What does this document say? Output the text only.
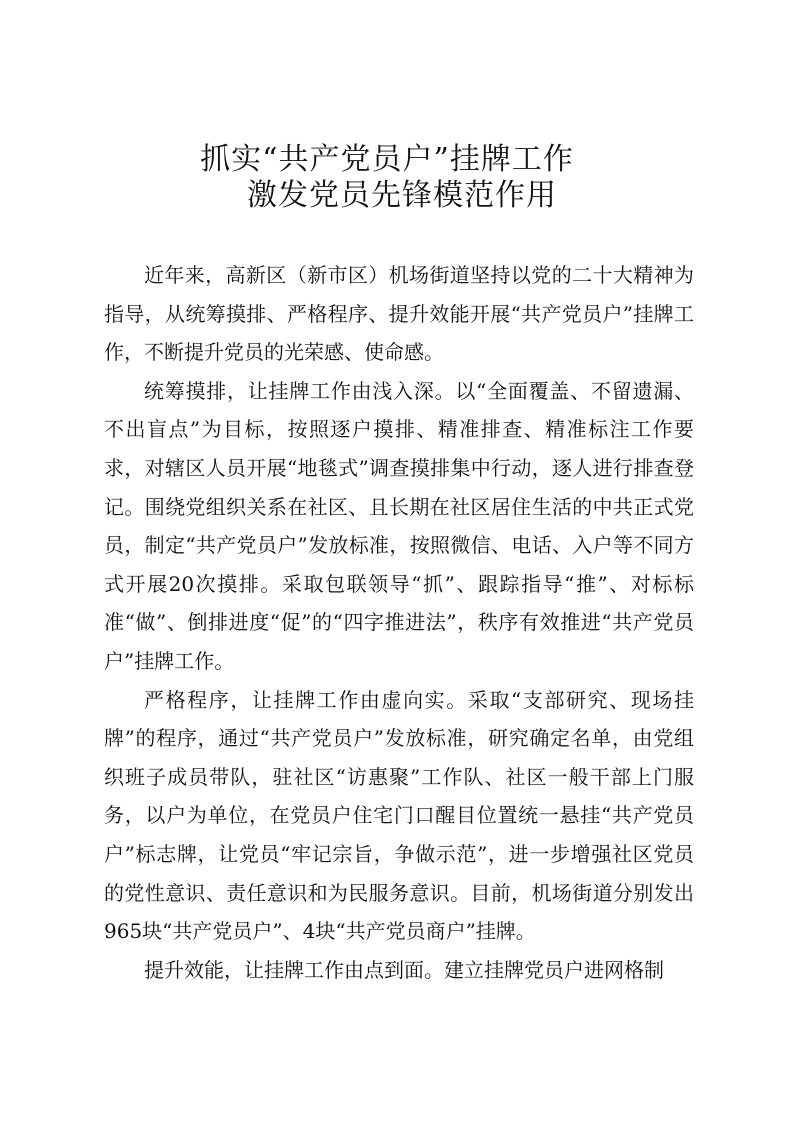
抓实“共产党员户”挂牌工作
激发党员先锋模范作用

近年来，高新区（新市区）机场街道坚持以党的二十大精神为指导，从统筹摸排、严格程序、提升效能开展“共产党员户”挂牌工作，不断提升党员的光荣感、使命感。

统筹摸排，让挂牌工作由浅入深。以“全面覆盖、不留遗漏、不出盲点”为目标，按照逐户摸排、精准排查、精准标注工作要求，对辖区人员开展“地毯式”调查摸排集中行动，逐人进行排查登记。围绕党组织关系在社区、且长期在社区居住生活的中共正式党员，制定“共产党员户”发放标准，按照微信、电话、入户等不同方式开展20次摸排。采取包联领导“抓”、跟踪指导“推”、对标标准“做”、倒排进度“促”的“四字推进法”，秩序有效推进“共产党员户”挂牌工作。

严格程序，让挂牌工作由虚向实。采取“支部研究、现场挂牌”的程序，通过“共产党员户”发放标准，研究确定名单，由党组织班子成员带队，驻社区“访惠聚”工作队、社区一般干部上门服务，以户为单位，在党员户住宅门口醒目位置统一悬挂“共产党员户”标志牌，让党员“牢记宗旨，争做示范”，进一步增强社区党员的党性意识、责任意识和为民服务意识。目前，机场街道分别发出965块“共产党员户”、4块“共产党员商户”挂牌。

提升效能，让挂牌工作由点到面。建立挂牌党员户进网格制
